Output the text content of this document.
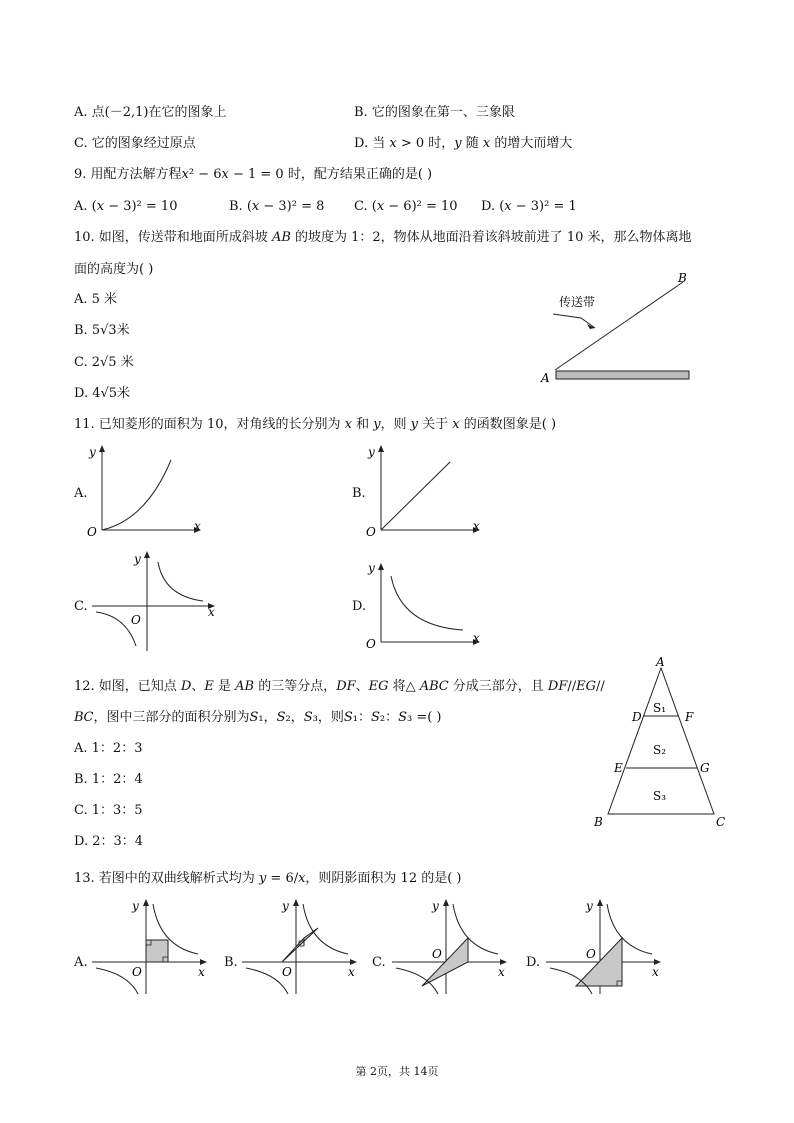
A. 点(－2,1)在它的图象上	B. 它的图象在第一、三象限
C. 它的图象经过原点	D. 当 𝑥 > 0 时，𝑦 随 𝑥 的增大而增大
9. 用配方法解方程𝑥² − 6𝑥 − 1 = 0 时，配方结果正确的是( )
A. (𝑥 − 3)² = 10	B. (𝑥 − 3)² = 8 C. (𝑥 − 6)² = 10 D. (𝑥 − 3)² = 1
10. 如图，传送带和地面所成斜坡 𝐴𝐵 的坡度为 1：2，物体从地面沿着该斜坡前进了 10 米，那么物体离地
面的高度为( )
A. 5 米
B. 5√3米
C. 2√5 米
D. 4√5米
传送带
A
B
11. 已知菱形的面积为 10，对角线的长分别为 𝑥 和 𝑦，则 𝑦 关于 𝑥 的函数图象是( )
A.
O	x
y
B.
O	x
y
C.
O
x
y
D.
O	x
y
12. 如图，已知点 𝐷、𝐸 是 𝐴𝐵 的三等分点，𝐷𝐹、𝐸𝐺 将△ 𝐴𝐵𝐶 分成三部分，且 𝐷𝐹//𝐸𝐺//
𝐵𝐶，图中三部分的面积分别为𝑆₁，𝑆₂，𝑆₃，则𝑆₁：𝑆₂：𝑆₃ =( )
A. 1：2：3
B. 1：2：4
C. 1：3：5
D. 2：3：4
A
B	C
D	F
E	G
S₁
S₂
S₃
13. 若图中的双曲线解析式均为 𝑦 = 6/𝑥，则阴影面积为 12 的是( )
A.
O	x
y
B.
O	x
y
C.
O
x
y
D.
O
x
y
第 2页，共 14页
